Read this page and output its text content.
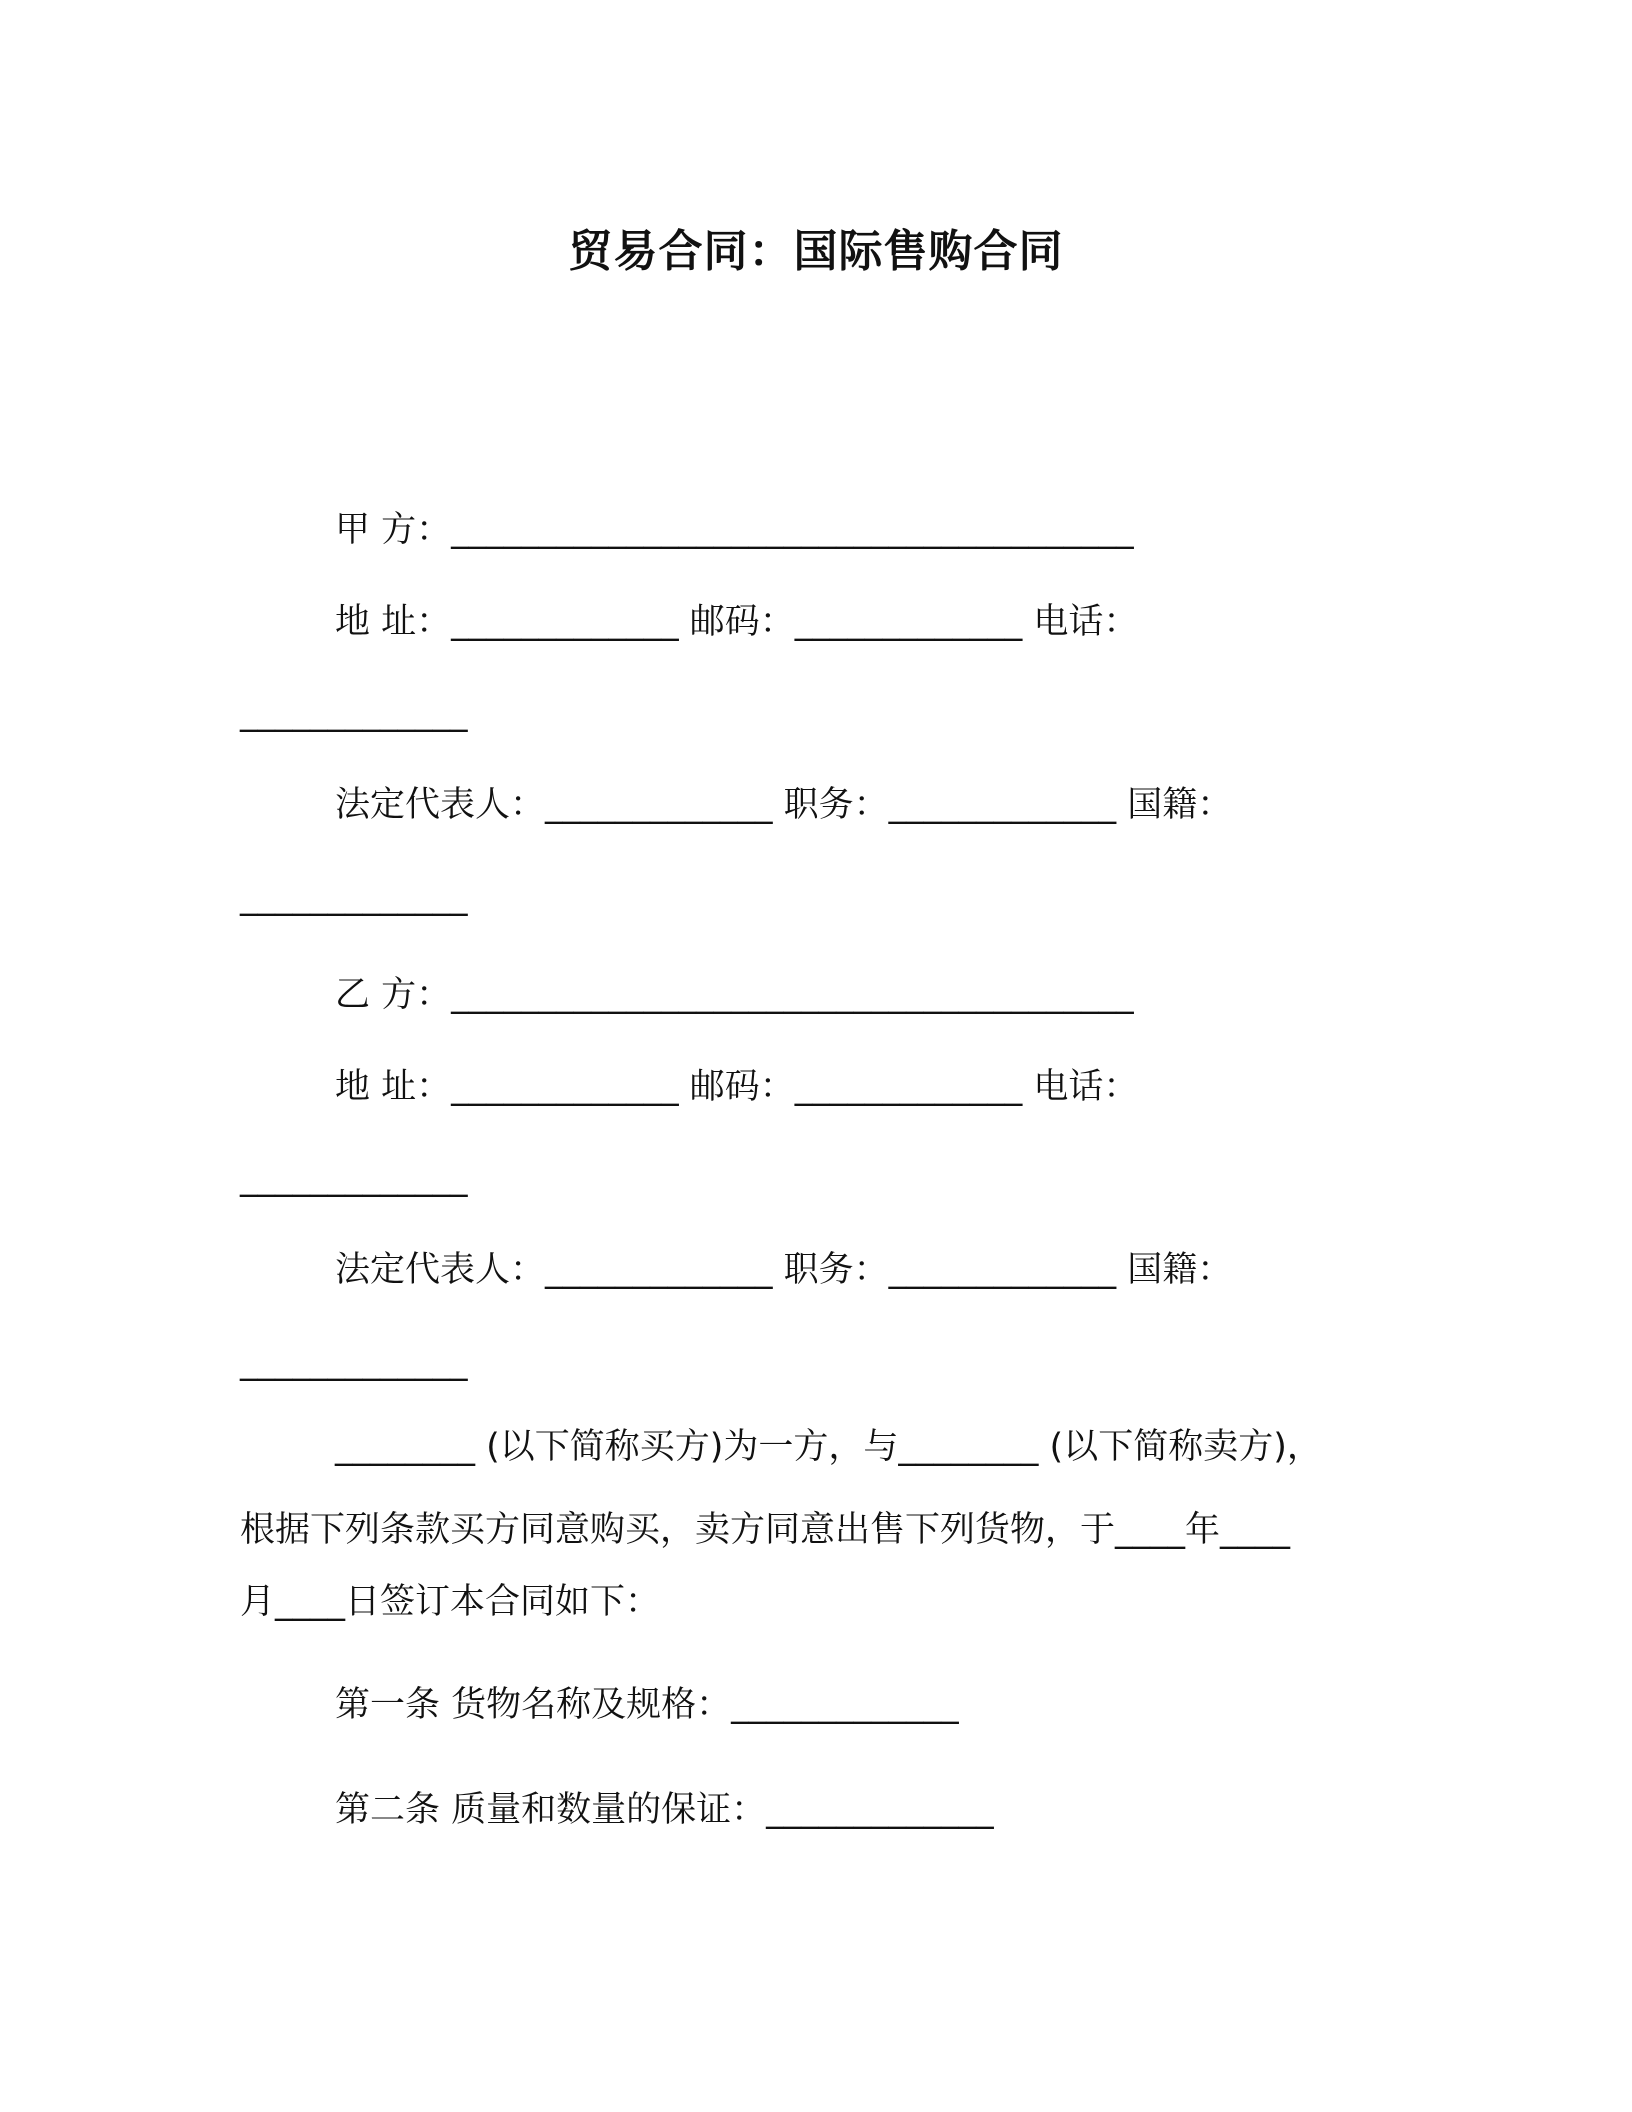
贸易合同：国际售购合同
甲 方：_______________________________________
地 址：_____________ 邮码：_____________ 电话：
_____________
法定代表人：_____________ 职务：_____________ 国籍：
_____________
乙 方：_______________________________________
地 址：_____________ 邮码：_____________ 电话：
_____________
法定代表人：_____________ 职务：_____________ 国籍：
_____________
________ (以下简称买方)为一方，与________ (以下简称卖方)，
根据下列条款买方同意购买，卖方同意出售下列货物，于____年____
月____日签订本合同如下：
第一条 货物名称及规格：_____________
第二条 质量和数量的保证：_____________
